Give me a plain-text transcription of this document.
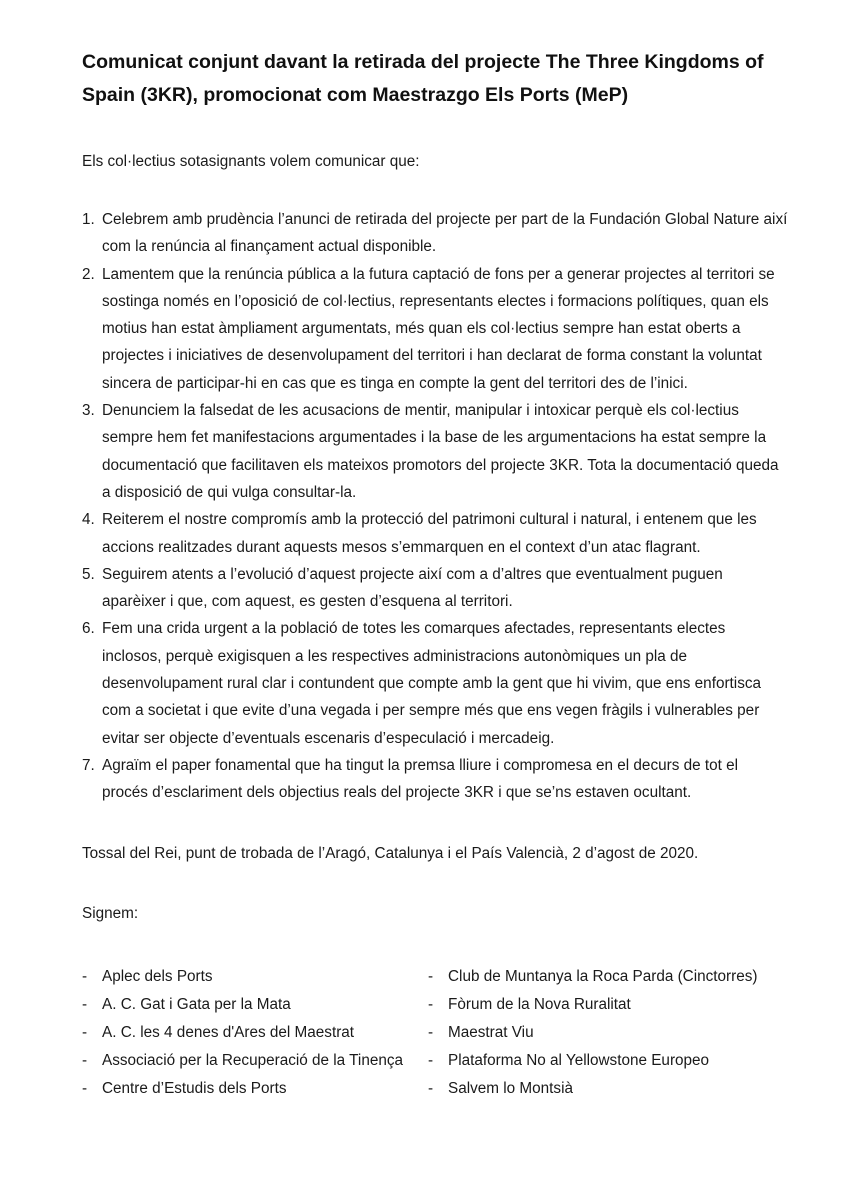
Comunicat conjunt davant la retirada del projecte The Three Kingdoms of Spain (3KR), promocionat com Maestrazgo Els Ports (MeP)

Els col·lectius sotasignants volem comunicar que:

1. Celebrem amb prudència l’anunci de retirada del projecte per part de la Fundación Global Nature així com la renúncia al finançament actual disponible.
2. Lamentem que la renúncia pública a la futura captació de fons per a generar projectes al territori se sostinga només en l’oposició de col·lectius, representants electes i formacions polítiques, quan els motius han estat àmpliament argumentats, més quan els col·lectius sempre han estat oberts a projectes i iniciatives de desenvolupament del territori i han declarat de forma constant la voluntat sincera de participar-hi en cas que es tinga en compte la gent del territori des de l’inici.
3. Denunciem la falsedat de les acusacions de mentir, manipular i intoxicar perquè els col·lectius sempre hem fet manifestacions argumentades i la base de les argumentacions ha estat sempre la documentació que facilitaven els mateixos promotors del projecte 3KR. Tota la documentació queda a disposició de qui vulga consultar-la.
4. Reiterem el nostre compromís amb la protecció del patrimoni cultural i natural, i entenem que les accions realitzades durant aquests mesos s’emmarquen en el context d’un atac flagrant.
5. Seguirem atents a l’evolució d’aquest projecte així com a d’altres que eventualment puguen aparèixer i que, com aquest, es gesten d’esquena al territori.
6. Fem una crida urgent a la població de totes les comarques afectades, representants electes inclosos, perquè exigisquen a les respectives administracions autonòmiques un pla de desenvolupament rural clar i contundent que compte amb la gent que hi vivim, que ens enfortisca com a societat i que evite d’una vegada i per sempre més que ens vegen fràgils i vulnerables per evitar ser objecte d’eventuals escenaris d’especulació i mercadeig.
7. Agraïm el paper fonamental que ha tingut la premsa lliure i compromesa en el decurs de tot el procés d’esclariment dels objectius reals del projecte 3KR i que se’ns estaven ocultant.

Tossal del Rei, punt de trobada de l’Aragó, Catalunya i el País Valencià, 2 d’agost de 2020.

Signem:

- Aplec dels Ports
- A. C. Gat i Gata per la Mata
- A. C. les 4 denes d'Ares del Maestrat
- Associació per la Recuperació de la Tinença
- Centre d’Estudis dels Ports
- Club de Muntanya la Roca Parda (Cinctorres)
- Fòrum de la Nova Ruralitat
- Maestrat Viu
- Plataforma No al Yellowstone Europeo
- Salvem lo Montsià
